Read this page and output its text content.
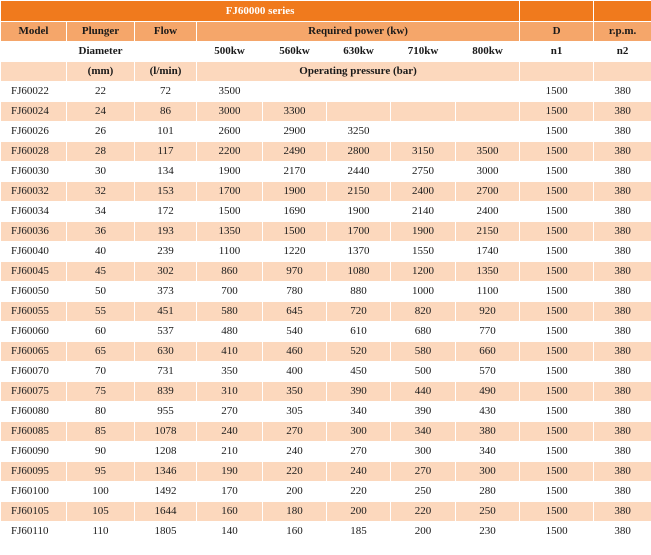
FJ60000 series									
Model	Plunger	Flow	Required power (kw)					D	r.p.m.
	Diameter		500kw	560kw	630kw	710kw	800kw	n1	n2
	(mm)	(l/min)	Operating pressure (bar)						
FJ60022	22	72	3500					1500	380
FJ60024	24	86	3000	3300				1500	380
FJ60026	26	101	2600	2900	3250			1500	380
FJ60028	28	117	2200	2490	2800	3150	3500	1500	380
FJ60030	30	134	1900	2170	2440	2750	3000	1500	380
FJ60032	32	153	1700	1900	2150	2400	2700	1500	380
FJ60034	34	172	1500	1690	1900	2140	2400	1500	380
FJ60036	36	193	1350	1500	1700	1900	2150	1500	380
FJ60040	40	239	1100	1220	1370	1550	1740	1500	380
FJ60045	45	302	860	970	1080	1200	1350	1500	380
FJ60050	50	373	700	780	880	1000	1100	1500	380
FJ60055	55	451	580	645	720	820	920	1500	380
FJ60060	60	537	480	540	610	680	770	1500	380
FJ60065	65	630	410	460	520	580	660	1500	380
FJ60070	70	731	350	400	450	500	570	1500	380
FJ60075	75	839	310	350	390	440	490	1500	380
FJ60080	80	955	270	305	340	390	430	1500	380
FJ60085	85	1078	240	270	300	340	380	1500	380
FJ60090	90	1208	210	240	270	300	340	1500	380
FJ60095	95	1346	190	220	240	270	300	1500	380
FJ60100	100	1492	170	200	220	250	280	1500	380
FJ60105	105	1644	160	180	200	220	250	1500	380
FJ60110	110	1805	140	160	185	200	230	1500	380
